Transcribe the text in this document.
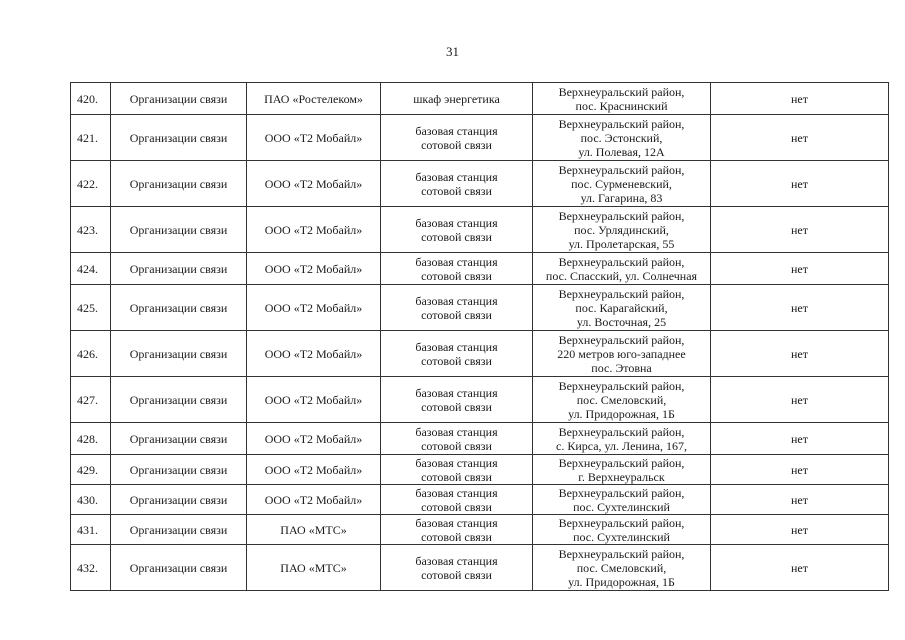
31
420.	Организации связи	ПАО «Ростелеком»	шкаф энергетика	Верхнеуральский район,
пос. Краснинский	нет
421.	Организации связи	ООО «Т2 Мобайл»	базовая станция
сотовой связи	Верхнеуральский район,
пос. Эстонский,
ул. Полевая, 12А	нет
422.	Организации связи	ООО «Т2 Мобайл»	базовая станция
сотовой связи	Верхнеуральский район,
пос. Сурменевский,
ул. Гагарина, 83	нет
423.	Организации связи	ООО «Т2 Мобайл»	базовая станция
сотовой связи	Верхнеуральский район,
пос. Урлядинский,
ул. Пролетарская, 55	нет
424.	Организации связи	ООО «Т2 Мобайл»	базовая станция
сотовой связи	Верхнеуральский район,
пос. Спасский, ул. Солнечная	нет
425.	Организации связи	ООО «Т2 Мобайл»	базовая станция
сотовой связи	Верхнеуральский район,
пос. Карагайский,
ул. Восточная, 25	нет
426.	Организации связи	ООО «Т2 Мобайл»	базовая станция
сотовой связи	Верхнеуральский район,
220 метров юго-западнее
пос. Этовна	нет
427.	Организации связи	ООО «Т2 Мобайл»	базовая станция
сотовой связи	Верхнеуральский район,
пос. Смеловский,
ул. Придорожная, 1Б	нет
428.	Организации связи	ООО «Т2 Мобайл»	базовая станция
сотовой связи	Верхнеуральский район,
с. Кирса, ул. Ленина, 167,	нет
429.	Организации связи	ООО «Т2 Мобайл»	базовая станция
сотовой связи	Верхнеуральский район,
г. Верхнеуральск	нет
430.	Организации связи	ООО «Т2 Мобайл»	базовая станция
сотовой связи	Верхнеуральский район,
пос. Сухтелинский	нет
431.	Организации связи	ПАО «МТС»	базовая станция
сотовой связи	Верхнеуральский район,
пос. Сухтелинский	нет
432.	Организации связи	ПАО «МТС»	базовая станция
сотовой связи	Верхнеуральский район,
пос. Смеловский,
ул. Придорожная, 1Б	нет
